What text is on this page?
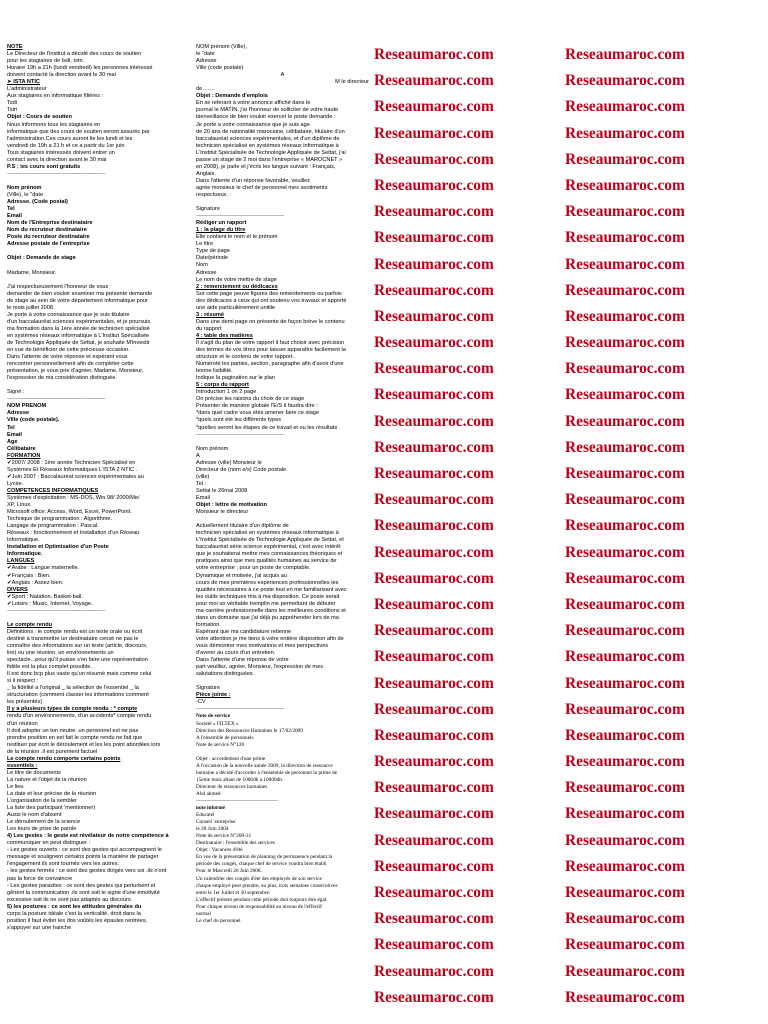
NOTE
Le Directeur de l'institut a décidé des cours de soutien
pour les stagiaires de tsdi, tstri.
Horaire 19h a 21h (lundi vendredi) les personnes intéressé
doivent contacté la direction avant le 30 mai
➤ ISTA NTIC
L'administrateur
Aux stagiaires en informatique filières :
Tsdi
Tstri
Objet : Cours de soutien
Nous informons tous les stagiaires en
informatique que des cours de soutien seront assurés par
l'administration.Ces cours auront lie les lundi et les
vendredi de 19h a 21 h et ce a partir du 1er juin
Tous stagiaires intéressés doivent entrer un
contact avec la direction avant le 30 mai
P.S ; les cours sont gratuits
-------------------------------------------------------------------

Nom prénom
(Ville), le "date
Adresse. (Code postal)
Tel
Email
Nom de l'Entreprise destinataire
Nom du recruteur destinataire
Poste du recruteur destinataire
Adresse postale de l'entreprise

Objet : Demande de stage

Madame, Monsieur.

J'ai respectueusement l'honneur de vous
demander de bien vouloir examiner ma présente demande
de stage au sein de votre département informatique pour
le mois juillet 2008.
Je porte à votre connaissance que je suis titulaire
d'un baccalauréat sciences expérimentales, et je poursuis
ma formation dans la 1ère année de technicien spécialisé
en systèmes réseaux informatique à L'Institut Spécialisée
de Technologie Appliquée de Settat, je souhaite M'investir
en vue de bénéficier de cette précieuse occasion.
Dans l'attente de votre réponse et espérant vous
rencontrer personnellement afin de compléter cette
présentation, je vous prie d'agréer, Madame, Monsieur,
l'expression de ma considération distinguée.

Signé :
-------------------------------------------------------------------
NOM PRENOM
Adresse
Ville (code postale).
Tel
Email
Age
Célibataire
FORMATION
✔2007/ 2008 : 1ère année Technicien Spécialisé en
Systèmes Et Réseaux Informatiques L'ISTA 2 NTIC .
✔Juin 2007 : Baccalauréat sciences expérimentales au
Lycée.
COMPETENCES INFORMATIQUES
Systèmes d'exploitation : MS-DOS, Win 98/ 2000/Me/
XP, Linux.
Microsoft office: Access, Word, Excel, PowerPoint.
Technique de programmation : Algorithme.
Langage de programmation : Pascal.
Réseaux : fonctionnement et Installation d'un Réseau
Informatique.
Installation et Optimisation d'un Poste
Informatique.
LANGUES
✔Arabe : Langue maternelle.
✔Français : Bien.
✔Anglais : Assez bien.
DIVERS
✔Sport : Natation, Basket-ball.
✔Loisirs : Music, Internet, Voyage.
-------------------------------------------------------------------

Le compte rendu
Définitions : le compte rendu est un texte orale ou écrit
destiné à transmettre un destinataire censé ne pas le
connaître des informations sur un texte (article, discours,
lire) ou une réunion, un environnements un
spectacle...pour qu'il puisse s'en faire une représentation
fidèle est la plus complet possible.
Il est donc bcp plus vaste qu'un résumé mais comme celui
si il respect :
_ la fidélité a l'original _ la sélection de l'essentiel _ la
structuration (comment classer les informations comment
les présentés)
Il y a plusieurs types de compte rendu : * compte
rendu d'un environnements, d'un accidents* compte rendu
d'un réunion
Il doit adopter un ton neutre. un personnel est ne pas
prendre position en est fait le compte rendu ne fait que
restituer par écrit le déroulement et les les point abordées lors
de la réunion .il est purement factuel
Le compte rendu comporte certains points
essentiels :
Le titre de documents
La nature et l'objet de la réunion
Le lieu
La date et leur précise de la réunion
L'organisation de la sembler
La liste des participant 'mentionner)
Aussi le nom d'absent
Le déroulement de la science
Les tours de prise de parole
4) Les gestes : le geste est révélateur de notre compétence à
communiquer en peut distinguer :
- Les gestes ouverts : ce sont des gestes qui accompagnent le
message et soulignent certains points la manière de partager
l'engagement ils sont tournés vers les autres.
- les gestes fermés : ce sont des gestes dirigés vers soi .ils n'ont
pas la force de convaincre
- Les gestes parasites : ce sont des gestes qui perturbent et
gênent la communication .ils sont soit le signe d'une émotivité
excessive soit ils ne sont pas adaptés au discours
5) les postures : ce sont les attitudes générales du
corps la posture idéale c'est la verticalité, droit dans la
position il faut éviter les dos voûtés les épaules rentrées,
s'appuyer sur une hanche
NOM prénom (Ville),
le "date
Adresse
Ville (code postale)
A
M le directeur
de…….
Objet : Demande d'emplois
En se referant à votre annonce affiché dans le
journal le MATIN, j'ai l'honneur de solliciter de votre haute
bienveillance de bien vouloir exercer le poste demande :
Je porte a votre connaissance que je suis age
de 20 ans de nationalité marocaine, célibataire, titulaire d'un
baccalauréat sciences expérimentales, et d'un diplôme de
technicien spécialisé en systèmes réseaux informatique à
L'Institut Spécialisée de Technologie Appliquée de Settat, j'ai
passe un stage de 2 moi dans l'entreprise « MAROCNET »
en 2008), je parle et j'écris les langue suivant : Français,
Anglais.
Dans l'attente d'un réponse favorable, veuillez
agrée monsieur le chef de personnel mes sentiments
respectueux.

Signature
------------------------------------------------------------
Rédiger un rapport
1 : la plage du titre
Elle contient le nom et le prénom
Le titre
Type de page
Date/période
Nom
Adresse
Le nom de votre mettre de stage
2 : remerciement ou dédicaces
Sur cette page peuve figures des remerdements ou parfois
des dédicaces a ceux qui ont soutenu vos travaux et apporté
une aide particulièrement unitile
3 : résumé
Dans une demi page on présente de façon brève le contenu
du rapport
4 : table des matières
Il s'agit du plan de votre rapport il faut choisir avec précision
des termes de vos titres pour laisser apparaître facilement la
structure et le contenu de votre rapport.
Numéroté les parties, section, paragraphe afin d'avoir d'une
bonne lisibilité.
Indique la pagination sur le plan
5 : corps du rapport
Introduction 1 on 2 page
On précise les raisons du choix de ce stage
Présenter de manière globale l'E/S il faudra dire :
*dans quel cadre vous étés amener faire ce stage
*quels sont été les différents types
*quelles seront les étapes de ce travail et ou les résultats
------------------------------------------------------------

Nom prénom
A
Adresse (ville) Monsieur le
Directeur de (nom e/s) Code postale
(ville)
Tel :
Settat le 26mai 2008
Email
Objet : lettre de motivation
Monsieur le directeur

Actuellement titulaire d'un diplôme de
technicien spécialisé en systèmes réseaux informatique à
L'Institut Spécialisée de Technologie Appliquée de Settat, et
baccalauréat série science expérimental, c'est avec intérêt
que je souhaiterai mettre mes connaissances théoriques et
pratiques ainsi que mes qualités humaines au service de
votre entreprise ; pour un poste de comptable.
Dynamique et motivée, j'ai acquis au
cours de mes premières expériences professionnelles les
qualités nécessaires à ce poste tout en me familiarisant avec
les outils techniques mis à ma disposition. Ce poste serait
pour moi un véritable tremplin me permettant de débuter
ma carrière professionnelle dans les meilleures conditions et
dans un domaine que j'ai déjà pu appréhender lors de ma
formation.
Espérant que ma candidature retienne
votre attention je me tiens à votre entière disposition afin de
vous démontrer mes motivations et mes perspectives
d'avenir au cours d'un entretien.
Dans l'attente d'une réponse de votre
part veuillez, agréer, Monsieur, l'expression de mes
salutations distinguées.

Signature
Pièce jointe :
-CV
------------------------------------------------------------
Note de service
Société « FILTEX »
Direction des Ressources Humaines le 17/02/2009
A l'ensemble de personnels
Note de service N°120

Objet : accordement d'une prime
A l'occasion de la nouvelle année 2009, la direction de ressource
humaine a décidé d'accorder à l'ensemble de personnel la prime de
15eme mois allant de 1000dh à 10000dh.
Directeur de ressources humaines
Abd ahmed
--------------------------------------------------------
note informé
Educatel
Conseil 'entreprise
le 20 Juin 2004
Note de service N°200-31
Destinataire : l'ensemble des services
Objet : Vacances d'été
En vue de la présentation de planning de permanence pendant la
période des congés, chaque chef de service voudra bien établi
Pour le Marcredi 26 Juin 2008.
Un calendrier des congés d'été des employés de son service
chaque employé peut prendre, au plus, trois semaines consécutives
entre le 1er Juillet et 30 septembre.
L'effectif présent pendant cette période doit toujours être égal.
Pour chaque niveau de responsabilité au niveau de l'effectif
normal
Le chef du personnel
Reseaumaroc.com
Reseaumaroc.com
Reseaumaroc.com
Reseaumaroc.com
Reseaumaroc.com
Reseaumaroc.com
Reseaumaroc.com
Reseaumaroc.com
Reseaumaroc.com
Reseaumaroc.com
Reseaumaroc.com
Reseaumaroc.com
Reseaumaroc.com
Reseaumaroc.com
Reseaumaroc.com
Reseaumaroc.com
Reseaumaroc.com
Reseaumaroc.com
Reseaumaroc.com
Reseaumaroc.com
Reseaumaroc.com
Reseaumaroc.com
Reseaumaroc.com
Reseaumaroc.com
Reseaumaroc.com
Reseaumaroc.com
Reseaumaroc.com
Reseaumaroc.com
Reseaumaroc.com
Reseaumaroc.com
Reseaumaroc.com
Reseaumaroc.com
Reseaumaroc.com
Reseaumaroc.com
Reseaumaroc.com
Reseaumaroc.com
Reseaumaroc.com
Reseaumaroc.com
Reseaumaroc.com
Reseaumaroc.com
Reseaumaroc.com
Reseaumaroc.com
Reseaumaroc.com
Reseaumaroc.com
Reseaumaroc.com
Reseaumaroc.com
Reseaumaroc.com
Reseaumaroc.com
Reseaumaroc.com
Reseaumaroc.com
Reseaumaroc.com
Reseaumaroc.com
Reseaumaroc.com
Reseaumaroc.com
Reseaumaroc.com
Reseaumaroc.com
Reseaumaroc.com
Reseaumaroc.com
Reseaumaroc.com
Reseaumaroc.com
Reseaumaroc.com
Reseaumaroc.com
Reseaumaroc.com
Reseaumaroc.com
Reseaumaroc.com
Reseaumaroc.com
Reseaumaroc.com
Reseaumaroc.com
Reseaumaroc.com
Reseaumaroc.com
Reseaumaroc.com
Reseaumaroc.com
Reseaumaroc.com
Reseaumaroc.com
